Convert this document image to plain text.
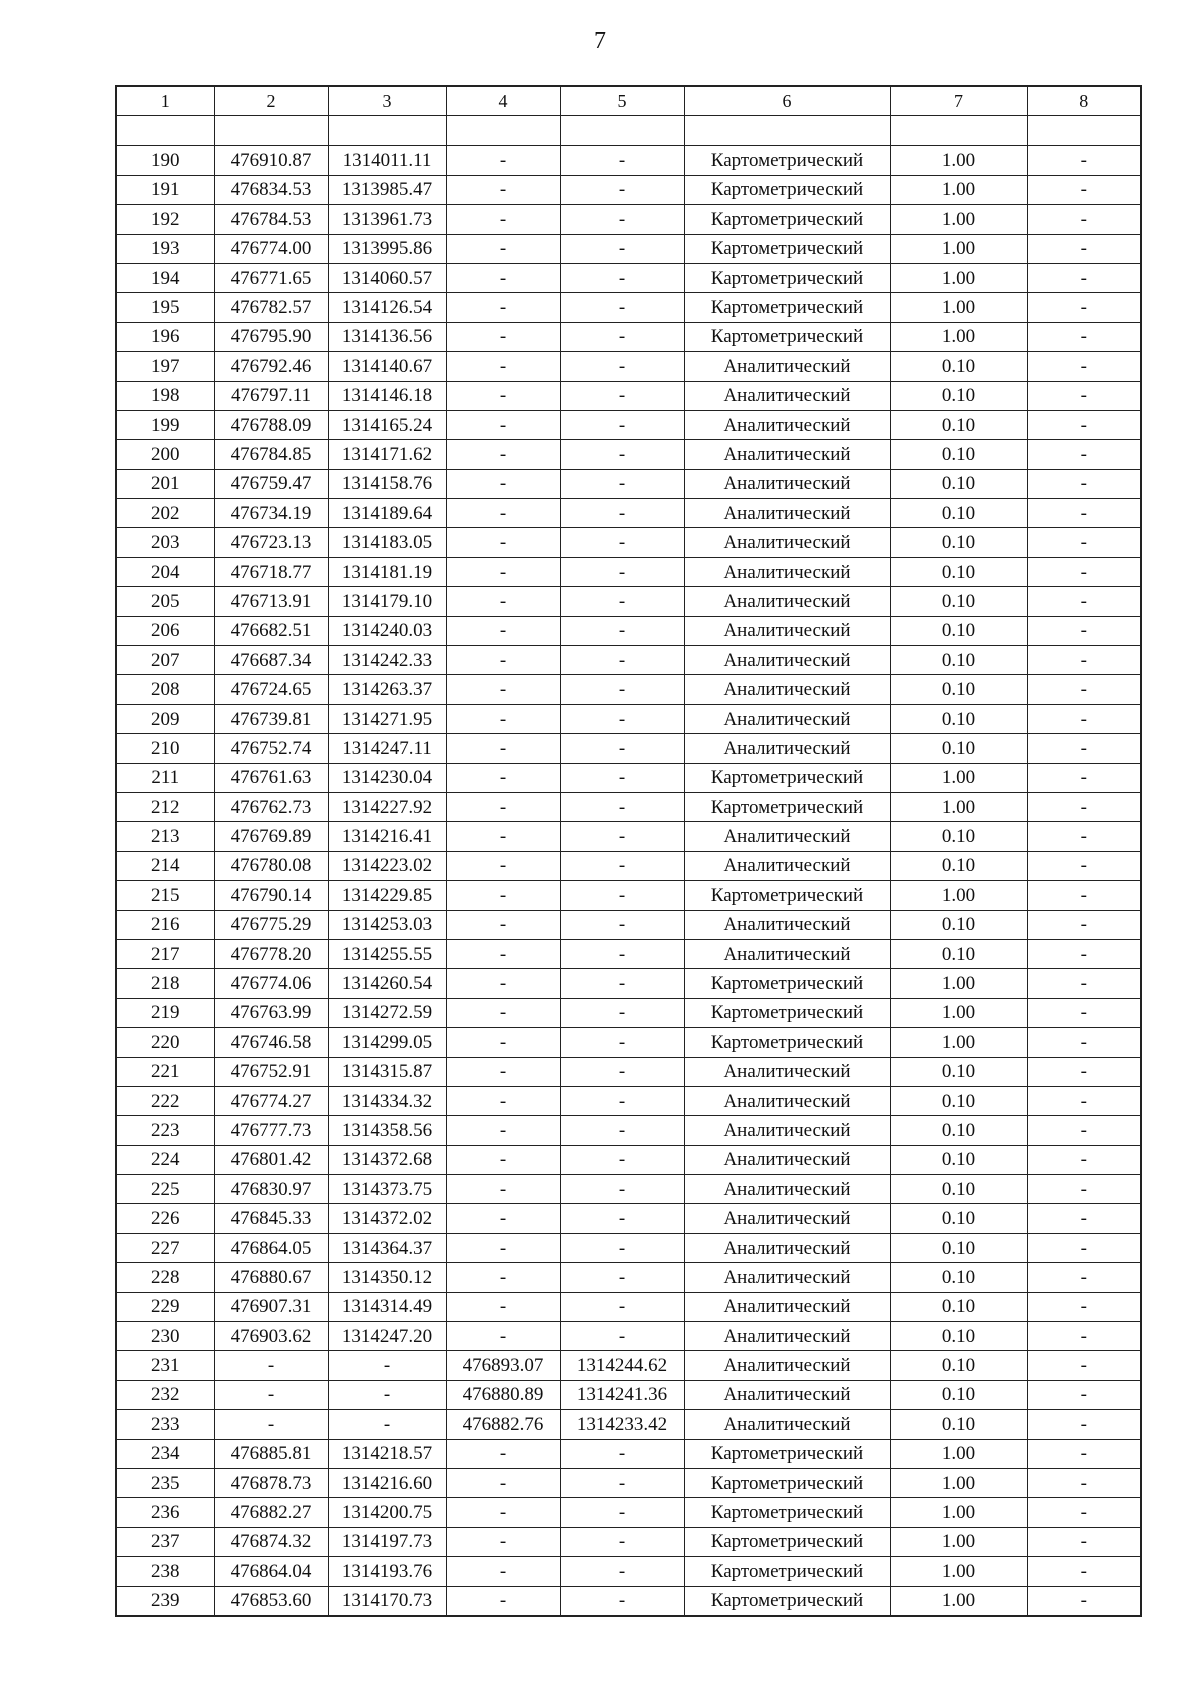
7
1	2	3	4	5	6	7	8

190	476910.87	1314011.11	-	-	Картометрический	1.00	-
191	476834.53	1313985.47	-	-	Картометрический	1.00	-
192	476784.53	1313961.73	-	-	Картометрический	1.00	-
193	476774.00	1313995.86	-	-	Картометрический	1.00	-
194	476771.65	1314060.57	-	-	Картометрический	1.00	-
195	476782.57	1314126.54	-	-	Картометрический	1.00	-
196	476795.90	1314136.56	-	-	Картометрический	1.00	-
197	476792.46	1314140.67	-	-	Аналитический	0.10	-
198	476797.11	1314146.18	-	-	Аналитический	0.10	-
199	476788.09	1314165.24	-	-	Аналитический	0.10	-
200	476784.85	1314171.62	-	-	Аналитический	0.10	-
201	476759.47	1314158.76	-	-	Аналитический	0.10	-
202	476734.19	1314189.64	-	-	Аналитический	0.10	-
203	476723.13	1314183.05	-	-	Аналитический	0.10	-
204	476718.77	1314181.19	-	-	Аналитический	0.10	-
205	476713.91	1314179.10	-	-	Аналитический	0.10	-
206	476682.51	1314240.03	-	-	Аналитический	0.10	-
207	476687.34	1314242.33	-	-	Аналитический	0.10	-
208	476724.65	1314263.37	-	-	Аналитический	0.10	-
209	476739.81	1314271.95	-	-	Аналитический	0.10	-
210	476752.74	1314247.11	-	-	Аналитический	0.10	-
211	476761.63	1314230.04	-	-	Картометрический	1.00	-
212	476762.73	1314227.92	-	-	Картометрический	1.00	-
213	476769.89	1314216.41	-	-	Аналитический	0.10	-
214	476780.08	1314223.02	-	-	Аналитический	0.10	-
215	476790.14	1314229.85	-	-	Картометрический	1.00	-
216	476775.29	1314253.03	-	-	Аналитический	0.10	-
217	476778.20	1314255.55	-	-	Аналитический	0.10	-
218	476774.06	1314260.54	-	-	Картометрический	1.00	-
219	476763.99	1314272.59	-	-	Картометрический	1.00	-
220	476746.58	1314299.05	-	-	Картометрический	1.00	-
221	476752.91	1314315.87	-	-	Аналитический	0.10	-
222	476774.27	1314334.32	-	-	Аналитический	0.10	-
223	476777.73	1314358.56	-	-	Аналитический	0.10	-
224	476801.42	1314372.68	-	-	Аналитический	0.10	-
225	476830.97	1314373.75	-	-	Аналитический	0.10	-
226	476845.33	1314372.02	-	-	Аналитический	0.10	-
227	476864.05	1314364.37	-	-	Аналитический	0.10	-
228	476880.67	1314350.12	-	-	Аналитический	0.10	-
229	476907.31	1314314.49	-	-	Аналитический	0.10	-
230	476903.62	1314247.20	-	-	Аналитический	0.10	-
231	-	-	476893.07	1314244.62	Аналитический	0.10	-
232	-	-	476880.89	1314241.36	Аналитический	0.10	-
233	-	-	476882.76	1314233.42	Аналитический	0.10	-
234	476885.81	1314218.57	-	-	Картометрический	1.00	-
235	476878.73	1314216.60	-	-	Картометрический	1.00	-
236	476882.27	1314200.75	-	-	Картометрический	1.00	-
237	476874.32	1314197.73	-	-	Картометрический	1.00	-
238	476864.04	1314193.76	-	-	Картометрический	1.00	-
239	476853.60	1314170.73	-	-	Картометрический	1.00	-
